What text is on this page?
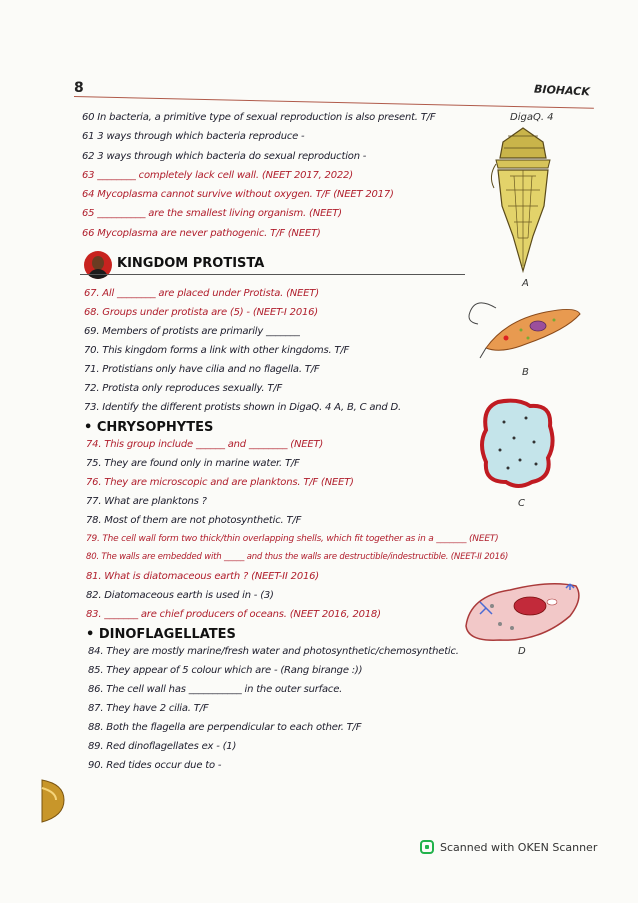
8	BIOHACK
60 In bacteria, a primitive type of sexual reproduction is also present. T/F
61 3 ways through which bacteria reproduce -
62 3 ways through which bacteria do sexual reproduction -
63 ________ completely lack cell wall. (NEET 2017, 2022)
64 Mycoplasma cannot survive without oxygen. T/F (NEET 2017)
65 __________ are the smallest living organism. (NEET)
66 Mycoplasma are never pathogenic. T/F (NEET)
KINGDOM PROTISTA
67. All ________ are placed under Protista. (NEET)
68. Groups under protista are (5) - (NEET-I 2016)
69. Members of protists are primarily _______
70. This kingdom forms a link with other kingdoms. T/F
71. Protistians only have cilia and no flagella. T/F
72. Protista only reproduces sexually. T/F
73. Identify the different protists shown in DigaQ. 4 A, B, C and D.
• CHRYSOPHYTES
74. This group include ______ and ________ (NEET)
75. They are found only in marine water. T/F
76. They are microscopic and are planktons. T/F (NEET)
77. What are planktons ?
78. Most of them are not photosynthetic. T/F
79. The cell wall form two thick/thin overlapping shells, which fit together as in a _______ (NEET)
80. The walls are embedded with _____ and thus the walls are destructible/indestructible. (NEET-II 2016)
81. What is diatomaceous earth ? (NEET-II 2016)
82. Diatomaceous earth is used in - (3)
83. _______ are chief producers of oceans. (NEET 2016, 2018)
• DINOFLAGELLATES
84. They are mostly marine/fresh water and photosynthetic/chemosynthetic.
85. They appear of 5 colour which are - (Rang birange :))
86. The cell wall has ___________ in the outer surface.
87. They have 2 cilia. T/F
88. Both the flagella are perpendicular to each other. T/F
89. Red dinoflagellates ex - (1)
90. Red tides occur due to -
DigaQ. 4
A
B
C
D
Scanned with OKEN Scanner
